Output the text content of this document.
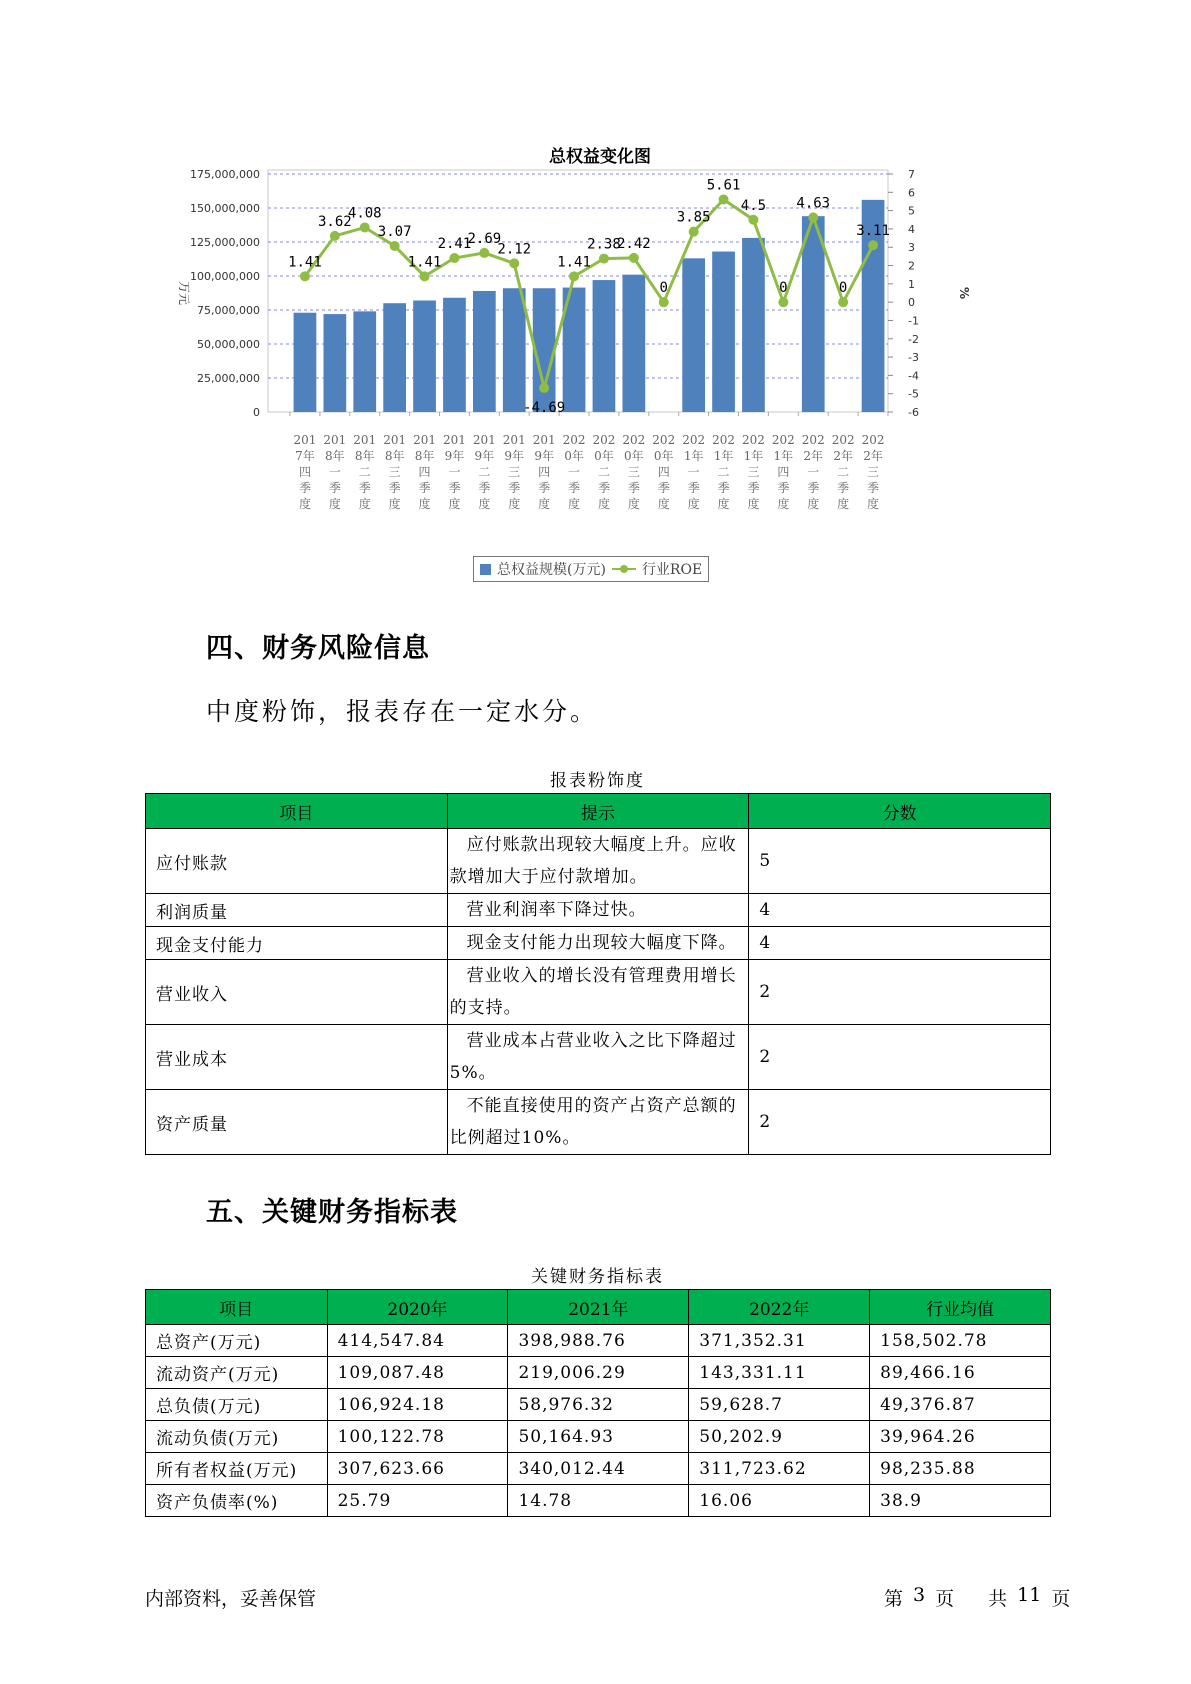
总权益变化图
0
25,000,000
50,000,000
75,000,000
100,000,000
125,000,000
150,000,000
175,000,000
-6
-5
-4
-3
-2
-1
0
1
2
3
4
5
6
7
万元	%
1.41
3.62
4.08
3.07
1.41
2.41
2.69
2.12
-4.69
1.41
2.38
2.42
0
3.85
5.61
4.5
0
4.63
0
3.11
201
7年
四
季
度
201
8年
一
季
度
201
8年
二
季
度
201
8年
三
季
度
201
8年
四
季
度
201
9年
一
季
度
201
9年
二
季
度
201
9年
三
季
度
201
9年
四
季
度
202
0年
一
季
度
202
0年
二
季
度
202
0年
三
季
度
202
0年
四
季
度
202
1年
一
季
度
202
1年
二
季
度
202
1年
三
季
度
202
1年
四
季
度
202
2年
一
季
度
202
2年
二
季
度
202
2年
三
季
度
总权益规模(万元)	行业ROE
四、财务风险信息
中度粉饰，报表存在一定水分。
报表粉饰度
项目	提示	分数
应付账款	应付账款出现较大幅度上升。应收款增加大于应付款增加。	5
利润质量	营业利润率下降过快。	4
现金支付能力	现金支付能力出现较大幅度下降。	4
营业收入	营业收入的增长没有管理费用增长的支持。	2
营业成本	营业成本占营业收入之比下降超过5%。	2
资产质量	不能直接使用的资产占资产总额的比例超过10%。	2
五、关键财务指标表
关键财务指标表
项目	2020年	2021年	2022年	行业均值
总资产(万元)	414,547.84	398,988.76	371,352.31	158,502.78
流动资产(万元)	109,087.48	219,006.29	143,331.11	89,466.16
总负债(万元)	106,924.18	58,976.32	59,628.7	49,376.87
流动负债(万元)	100,122.78	50,164.93	50,202.9	39,964.26
所有者权益(万元)	307,623.66	340,012.44	311,723.62	98,235.88
资产负债率(%)	25.79	14.78	16.06	38.9
内部资料，妥善保管	第 3 页 共 11 页
